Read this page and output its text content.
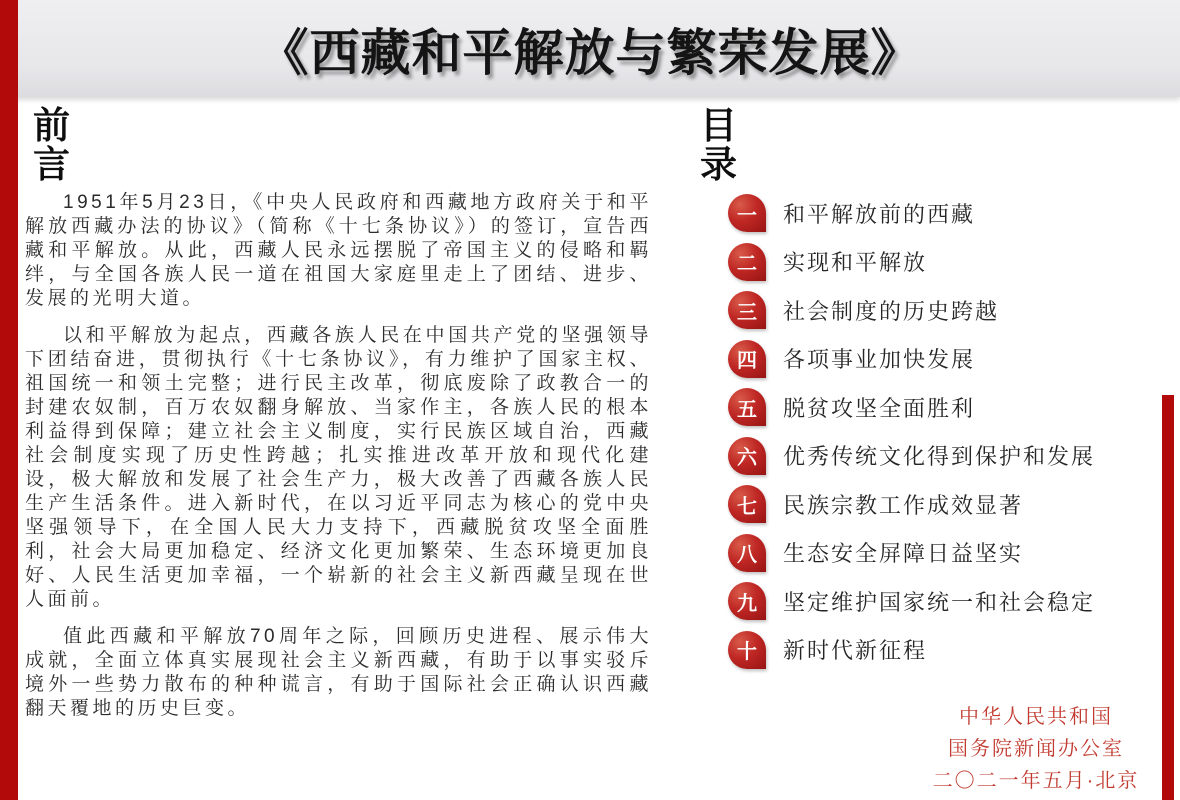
《西藏和平解放与繁荣发展》
前言

1951年5月23日，《中央人民政府和西藏地方政府关于和平解放西藏办法的协议》（简称《十七条协议》）的签订，宣告西藏和平解放。从此，西藏人民永远摆脱了帝国主义的侵略和羁绊，与全国各族人民一道在祖国大家庭里走上了团结、进步、发展的光明大道。

以和平解放为起点，西藏各族人民在中国共产党的坚强领导下团结奋进，贯彻执行《十七条协议》，有力维护了国家主权、祖国统一和领土完整；进行民主改革，彻底废除了政教合一的封建农奴制，百万农奴翻身解放、当家作主，各族人民的根本利益得到保障；建立社会主义制度，实行民族区域自治，西藏社会制度实现了历史性跨越；扎实推进改革开放和现代化建设，极大解放和发展了社会生产力，极大改善了西藏各族人民生产生活条件。进入新时代，在以习近平同志为核心的党中央坚强领导下，在全国人民大力支持下，西藏脱贫攻坚全面胜利，社会大局更加稳定、经济文化更加繁荣、生态环境更加良好、人民生活更加幸福，一个崭新的社会主义新西藏呈现在世人面前。

值此西藏和平解放70周年之际，回顾历史进程、展示伟大成就，全面立体真实展现社会主义新西藏，有助于以事实驳斥境外一些势力散布的种种谎言，有助于国际社会正确认识西藏翻天覆地的历史巨变。

目录
一	和平解放前的西藏
二	实现和平解放
三	社会制度的历史跨越
四	各项事业加快发展
五	脱贫攻坚全面胜利
六	优秀传统文化得到保护和发展
七	民族宗教工作成效显著
八	生态安全屏障日益坚实
九	坚定维护国家统一和社会稳定
十	新时代新征程
中华人民共和国
国务院新闻办公室
二〇二一年五月·北京
